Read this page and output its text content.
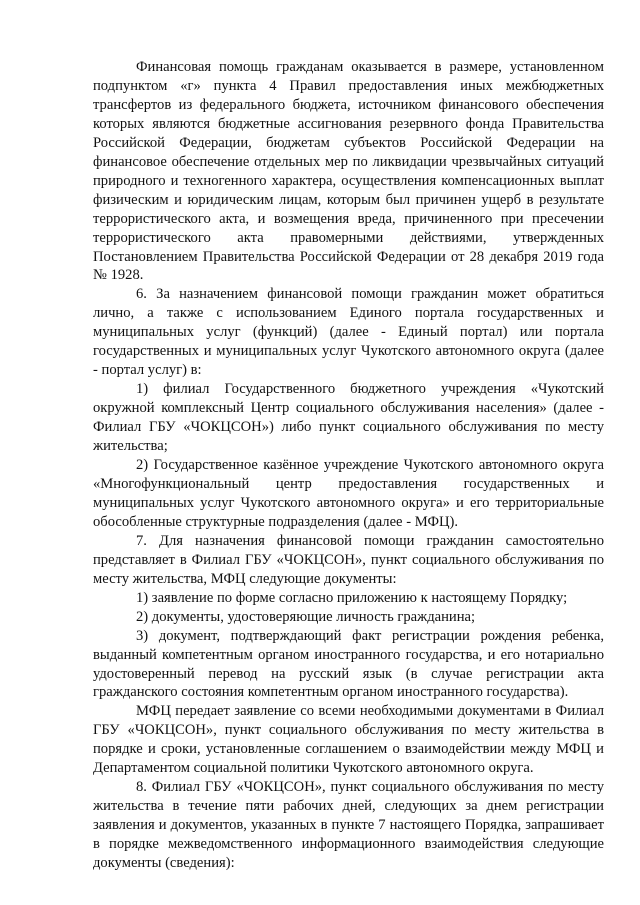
Финансовая помощь гражданам оказывается в размере, установленном подпунктом «г» пункта 4 Правил предоставления иных межбюджетных трансфертов из федерального бюджета, источником финансового обеспечения которых являются бюджетные ассигнования резервного фонда Правительства Российской Федерации, бюджетам субъектов Российской Федерации на финансовое обеспечение отдельных мер по ликвидации чрезвычайных ситуаций природного и техногенного характера, осуществления компенсационных выплат физическим и юридическим лицам, которым был причинен ущерб в результате террористического акта, и возмещения вреда, причиненного при пресечении террористического акта правомерными действиями, утвержденных Постановлением Правительства Российской Федерации от 28 декабря 2019 года № 1928.

6. За назначением финансовой помощи гражданин может обратиться лично, а также с использованием Единого портала государственных и муниципальных услуг (функций) (далее - Единый портал) или портала государственных и муниципальных услуг Чукотского автономного округа (далее - портал услуг) в:

1) филиал Государственного бюджетного учреждения «Чукотский окружной комплексный Центр социального обслуживания населения» (далее - Филиал ГБУ «ЧОКЦСОН») либо пункт социального обслуживания по месту жительства;

2) Государственное казённое учреждение Чукотского автономного округа «Многофункциональный центр предоставления государственных и муниципальных услуг Чукотского автономного округа» и его территориальные обособленные структурные подразделения (далее - МФЦ).

7. Для назначения финансовой помощи гражданин самостоятельно представляет в Филиал ГБУ «ЧОКЦСОН», пункт социального обслуживания по месту жительства, МФЦ следующие документы:

1) заявление по форме согласно приложению к настоящему Порядку;

2) документы, удостоверяющие личность гражданина;

3) документ, подтверждающий факт регистрации рождения ребенка, выданный компетентным органом иностранного государства, и его нотариально удостоверенный перевод на русский язык (в случае регистрации акта гражданского состояния компетентным органом иностранного государства).

МФЦ передает заявление со всеми необходимыми документами в Филиал ГБУ «ЧОКЦСОН», пункт социального обслуживания по месту жительства в порядке и сроки, установленные соглашением о взаимодействии между МФЦ и Департаментом социальной политики Чукотского автономного округа.

8. Филиал ГБУ «ЧОКЦСОН», пункт социального обслуживания по месту жительства в течение пяти рабочих дней, следующих за днем регистрации заявления и документов, указанных в пункте 7 настоящего Порядка, запрашивает в порядке межведомственного информационного взаимодействия следующие документы (сведения):
